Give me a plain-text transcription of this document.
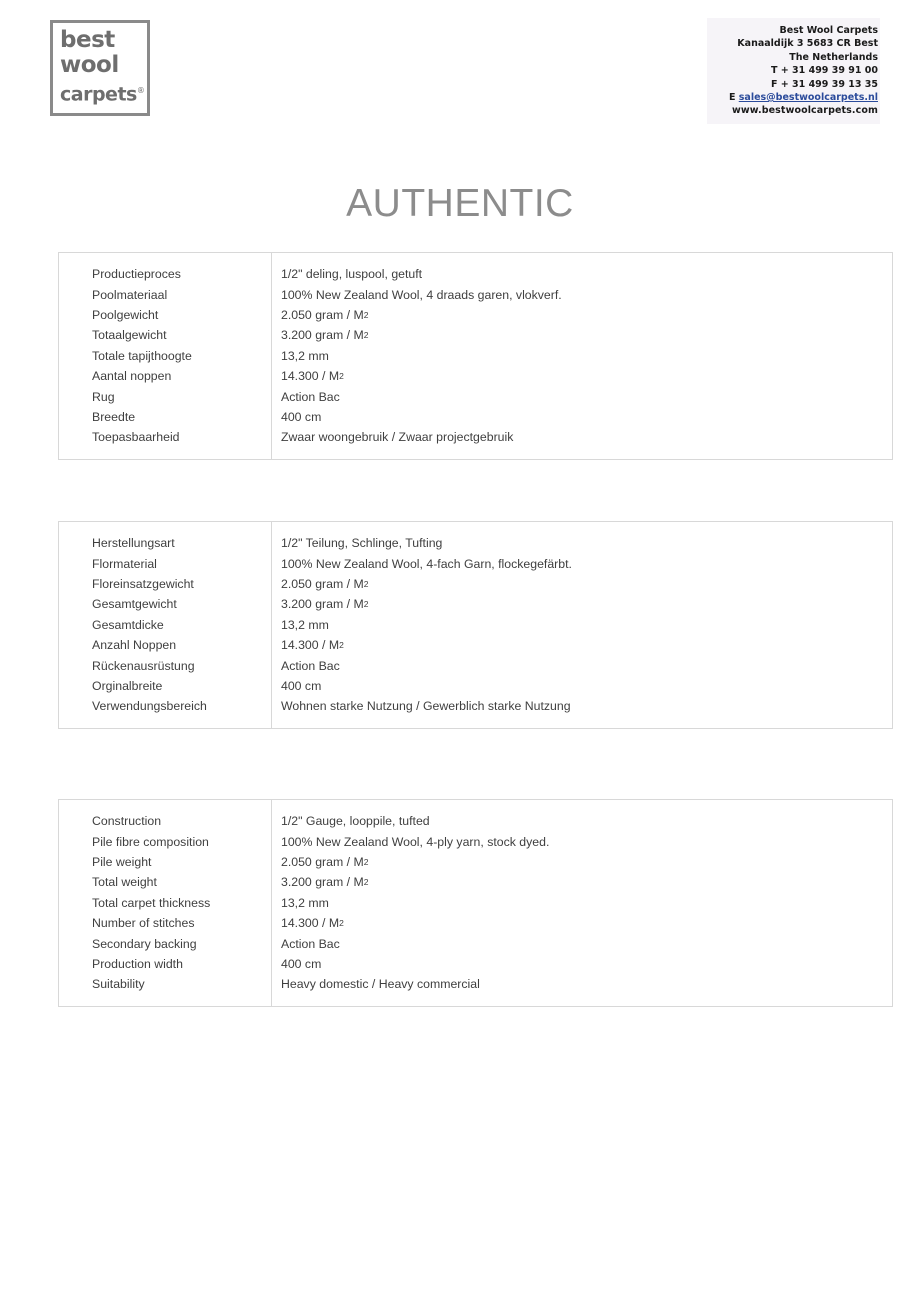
best
wool
carpets®
Best Wool Carpets
Kanaaldijk 3 5683 CR Best
The Netherlands
T + 31 499 39 91 00
F + 31 499 39 13 35
E sales@bestwoolcarpets.nl
www.bestwoolcarpets.com
AUTHENTIC
Productieproces	1/2" deling, luspool, getuft
Poolmateriaal	100% New Zealand Wool, 4 draads garen, vlokverf.
Poolgewicht	2.050 gram / M 2
Totaalgewicht	3.200 gram / M 2
Totale tapijthoogte	13,2 mm
Aantal noppen	14.300 / M 2
Rug	Action Bac
Breedte	400 cm
Toepasbaarheid	Zwaar woongebruik / Zwaar projectgebruik
Herstellungsart	1/2" Teilung, Schlinge, Tufting
Flormaterial	100% New Zealand Wool, 4-fach Garn, flockegefärbt.
Floreinsatzgewicht	2.050 gram / M 2
Gesamtgewicht	3.200 gram / M 2
Gesamtdicke	13,2 mm
Anzahl Noppen	14.300 / M 2
Rückenausrüstung	Action Bac
Orginalbreite	400 cm
Verwendungsbereich	Wohnen starke Nutzung / Gewerblich starke Nutzung
Construction	1/2" Gauge, looppile, tufted
Pile fibre composition	100% New Zealand Wool, 4-ply yarn, stock dyed.
Pile weight	2.050 gram / M 2
Total weight	3.200 gram / M 2
Total carpet thickness	13,2 mm
Number of stitches	14.300 / M 2
Secondary backing	Action Bac
Production width	400 cm
Suitability	Heavy domestic / Heavy commercial
